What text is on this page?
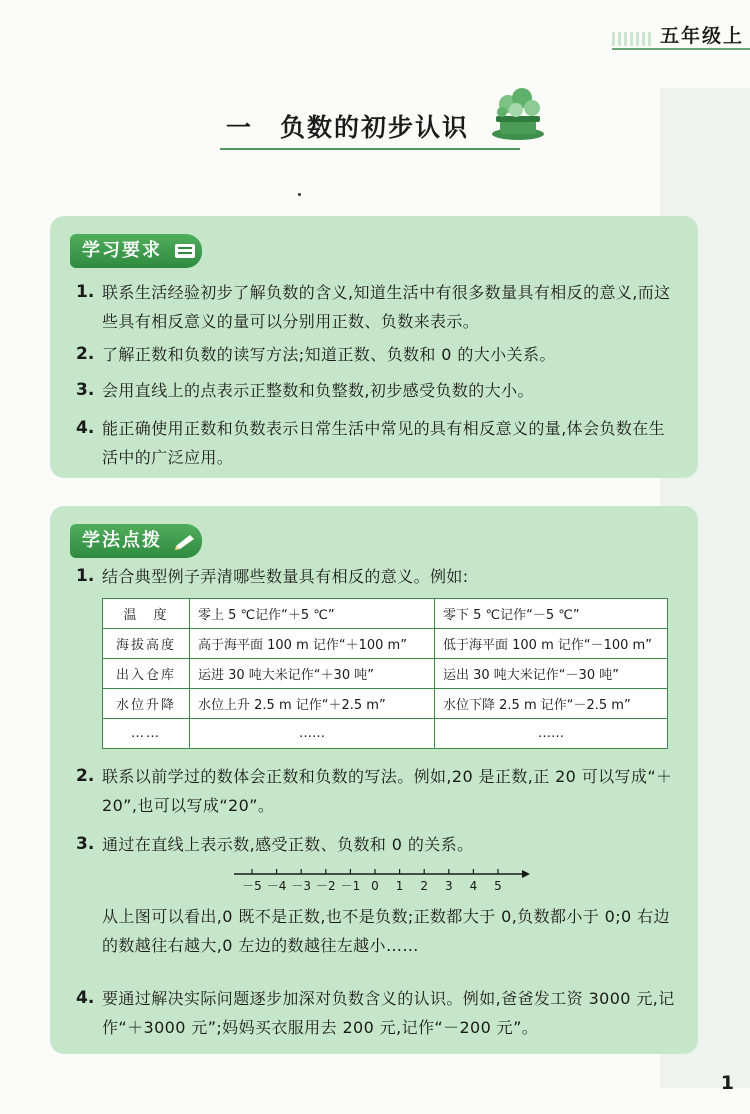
五年级上
一　负数的初步认识
学习要求
1. 联系生活经验初步了解负数的含义,知道生活中有很多数量具有相反的意义,而这些具有相反意义的量可以分别用正数、负数来表示。
2. 了解正数和负数的读写方法;知道正数、负数和 0 的大小关系。
3. 会用直线上的点表示正整数和负整数,初步感受负数的大小。
4. 能正确使用正数和负数表示日常生活中常见的具有相反意义的量,体会负数在生活中的广泛应用。
学法点拨
1. 结合典型例子弄清哪些数量具有相反的意义。例如:
温　度	零上 5 ℃记作“＋5 ℃”	零下 5 ℃记作“－5 ℃”
海拔高度	高于海平面 100 m 记作“＋100 m”	低于海平面 100 m 记作“－100 m”
出入仓库	运进 30 吨大米记作“＋30 吨”	运出 30 吨大米记作“－30 吨”
水位升降	水位上升 2.5 m 记作“＋2.5 m”	水位下降 2.5 m 记作“－2.5 m”
……	……	……
2. 联系以前学过的数体会正数和负数的写法。例如,20 是正数,正 20 可以写成“＋20”,也可以写成“20”。
3. 通过在直线上表示数,感受正数、负数和 0 的关系。
－5 －4 －3 －2 －1 0 1 2 3 4 5
从上图可以看出,0 既不是正数,也不是负数;正数都大于 0,负数都小于 0;0 右边的数越往右越大,0 左边的数越往左越小……
4. 要通过解决实际问题逐步加深对负数含义的认识。例如,爸爸发工资 3000 元,记作“＋3000 元”;妈妈买衣服用去 200 元,记作“－200 元”。
1
